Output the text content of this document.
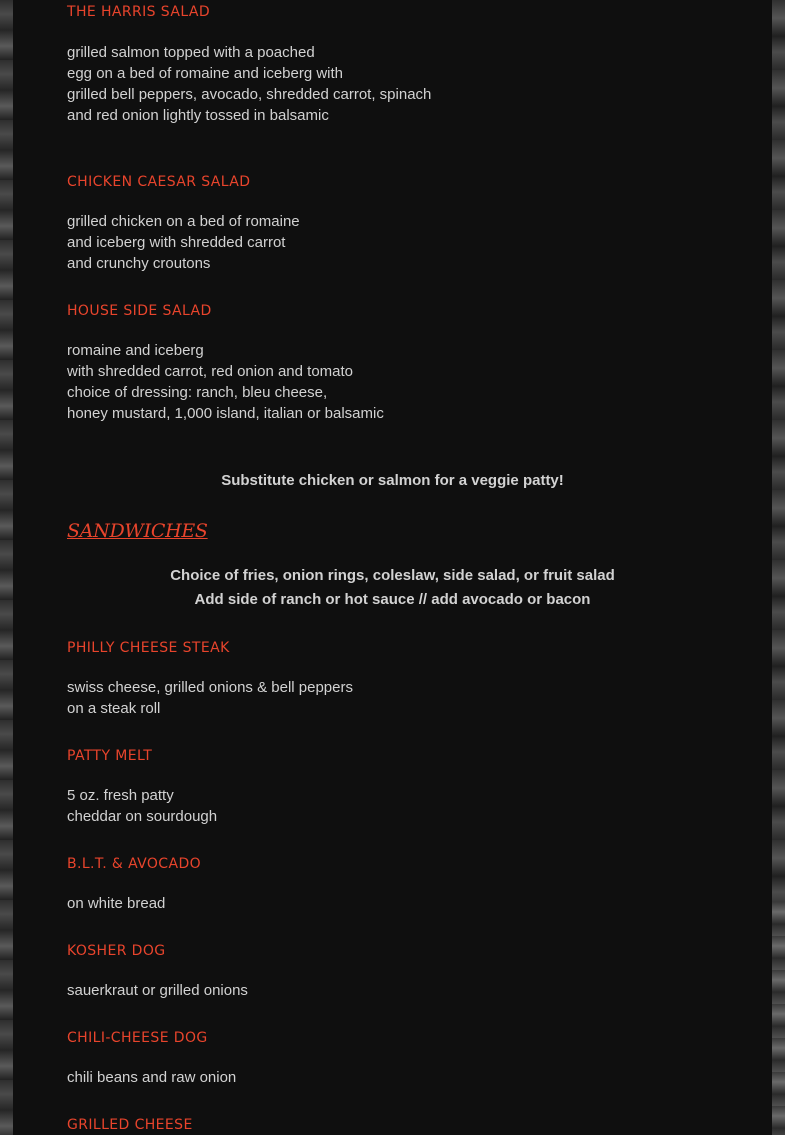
THE HARRIS SALAD
grilled salmon topped with a poached
egg on a bed of romaine and iceberg with
grilled bell peppers, avocado, shredded carrot, spinach
and red onion lightly tossed in balsamic
CHICKEN CAESAR SALAD
grilled chicken on a bed of romaine
and iceberg with shredded carrot
and crunchy croutons
HOUSE SIDE SALAD
romaine and iceberg
with shredded carrot, red onion and tomato
choice of dressing: ranch, bleu cheese,
honey mustard, 1,000 island, italian or balsamic
Substitute chicken or salmon for a veggie patty!
SANDWICHES
Choice of fries, onion rings, coleslaw, side salad, or fruit salad
Add side of ranch or hot sauce // add avocado or bacon
PHILLY CHEESE STEAK
swiss cheese, grilled onions & bell peppers
on a steak roll
PATTY MELT
5 oz. fresh patty
cheddar on sourdough
B.L.T. & AVOCADO
on white bread
KOSHER DOG
sauerkraut or grilled onions
CHILI-CHEESE DOG
chili beans and raw onion
GRILLED CHEESE
